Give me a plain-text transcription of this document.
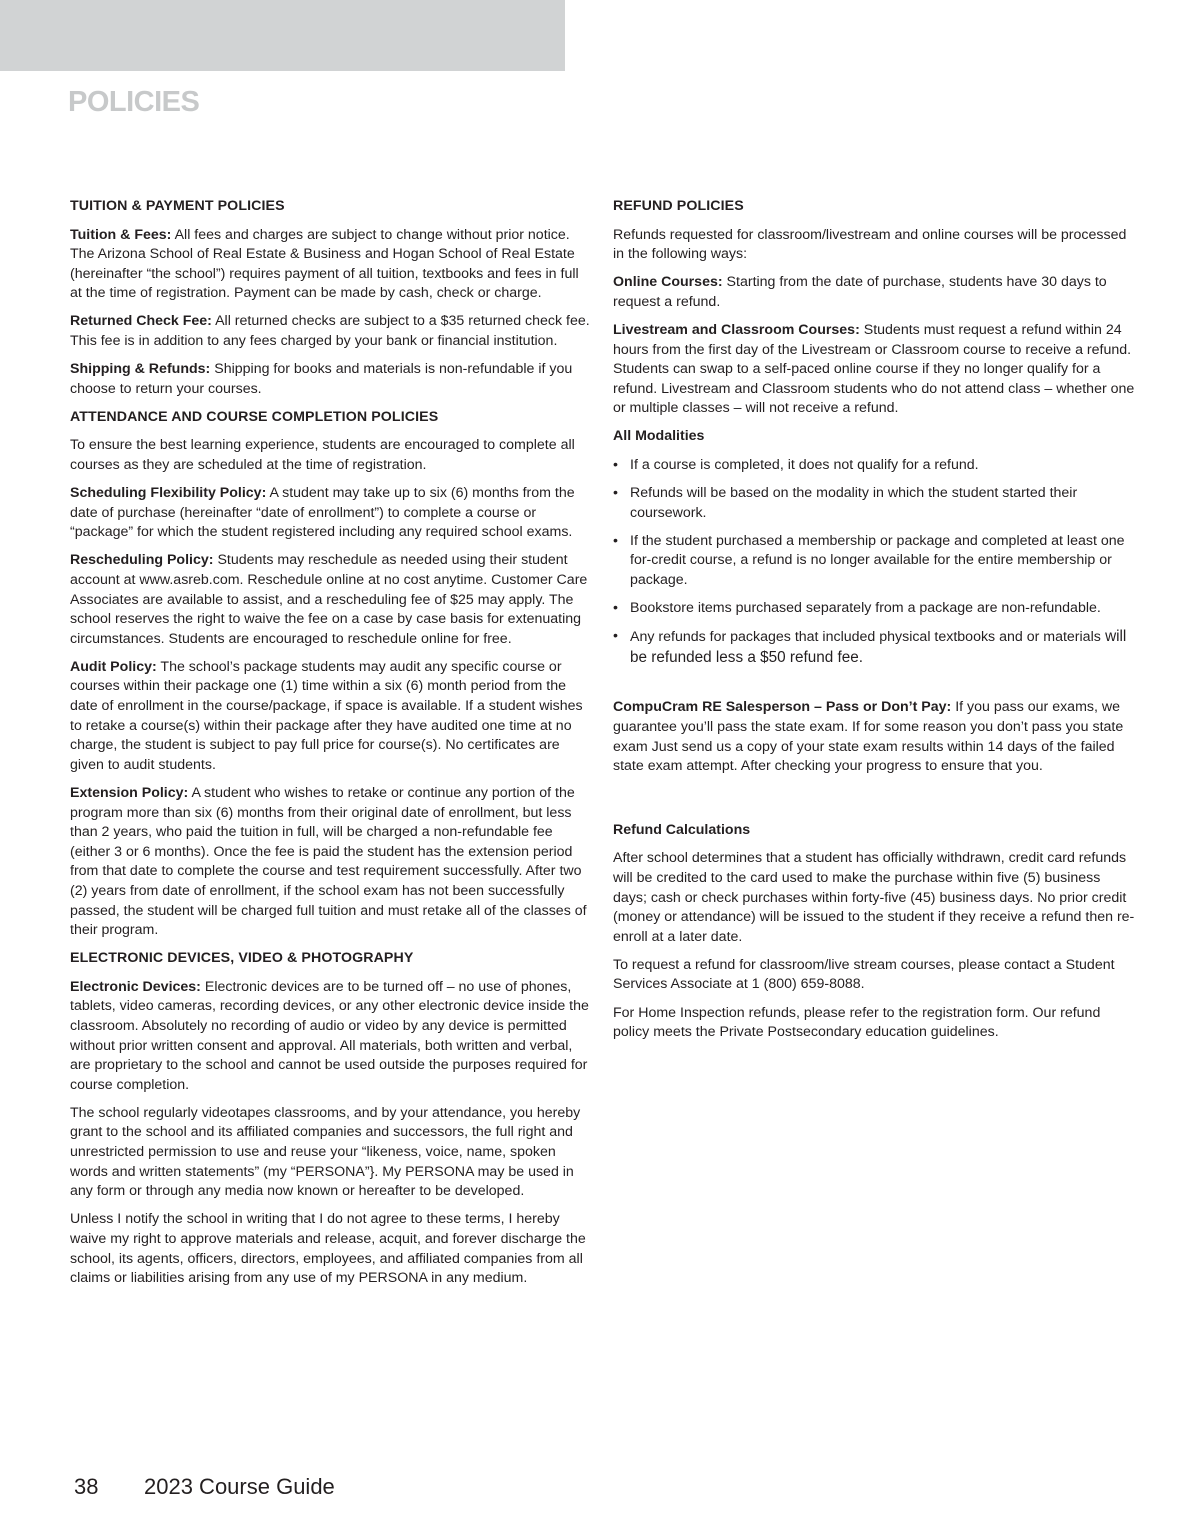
POLICIES
TUITION & PAYMENT POLICIES

Tuition & Fees: All fees and charges are subject to change without prior notice. The Arizona School of Real Estate & Business and Hogan School of Real Estate (hereinafter “the school”) requires payment of all tuition, textbooks and fees in full at the time of registration. Payment can be made by cash, check or charge.

Returned Check Fee: All returned checks are subject to a $35 returned check fee. This fee is in addition to any fees charged by your bank or financial institution.

Shipping & Refunds: Shipping for books and materials is non-refundable if you choose to return your courses.

ATTENDANCE AND COURSE COMPLETION POLICIES

To ensure the best learning experience, students are encouraged to complete all courses as they are scheduled at the time of registration.

Scheduling Flexibility Policy: A student may take up to six (6) months from the date of purchase (hereinafter “date of enrollment”) to complete a course or “package” for which the student registered including any required school exams.

Rescheduling Policy: Students may reschedule as needed using their student account at www.asreb.com. Reschedule online at no cost anytime. Customer Care Associates are available to assist, and a rescheduling fee of $25 may apply. The school reserves the right to waive the fee on a case by case basis for extenuating circumstances. Students are encouraged to reschedule online for free.

Audit Policy: The school’s package students may audit any specific course or courses within their package one (1) time within a six (6) month period from the date of enrollment in the course/package, if space is available. If a student wishes to retake a course(s) within their package after they have audited one time at no charge, the student is subject to pay full price for course(s). No certificates are given to audit students.

Extension Policy: A student who wishes to retake or continue any portion of the program more than six (6) months from their original date of enrollment, but less than 2 years, who paid the tuition in full, will be charged a non-refundable fee (either 3 or 6 months). Once the fee is paid the student has the extension period from that date to complete the course and test requirement successfully. After two (2) years from date of enrollment, if the school exam has not been successfully passed, the student will be charged full tuition and must retake all of the classes of their program.

ELECTRONIC DEVICES, VIDEO & PHOTOGRAPHY

Electronic Devices: Electronic devices are to be turned off – no use of phones, tablets, video cameras, recording devices, or any other electronic device inside the classroom. Absolutely no recording of audio or video by any device is permitted without prior written consent and approval. All materials, both written and verbal, are proprietary to the school and cannot be used outside the purposes required for course completion.

The school regularly videotapes classrooms, and by your attendance, you hereby grant to the school and its affiliated companies and successors, the full right and unrestricted permission to use and reuse your “likeness, voice, name, spoken words and written statements” (my “PERSONA”}. My PERSONA may be used in any form or through any media now known or hereafter to be developed.

Unless I notify the school in writing that I do not agree to these terms, I hereby waive my right to approve materials and release, acquit, and forever discharge the school, its agents, officers, directors, employees, and affiliated companies from all claims or liabilities arising from any use of my PERSONA in any medium.

REFUND POLICIES

Refunds requested for classroom/livestream and online courses will be processed in the following ways:

Online Courses: Starting from the date of purchase, students have 30 days to request a refund.

Livestream and Classroom Courses: Students must request a refund within 24 hours from the first day of the Livestream or Classroom course to receive a refund. Students can swap to a self-paced online course if they no longer qualify for a refund. Livestream and Classroom students who do not attend class – whether one or multiple classes – will not receive a refund.

All Modalities

• If a course is completed, it does not qualify for a refund.
• Refunds will be based on the modality in which the student started their coursework.
• If the student purchased a membership or package and completed at least one for-credit course, a refund is no longer available for the entire membership or package.
• Bookstore items purchased separately from a package are non-refundable.
• Any refunds for packages that included physical textbooks and or materials will be refunded less a $50 refund fee.

CompuCram RE Salesperson – Pass or Don’t Pay: If you pass our exams, we guarantee you’ll pass the state exam. If for some reason you don’t pass you state exam Just send us a copy of your state exam results within 14 days of the failed state exam attempt. After checking your progress to ensure that you.

Refund Calculations

After school determines that a student has officially withdrawn, credit card refunds will be credited to the card used to make the purchase within five (5) business days; cash or check purchases within forty-five (45) business days. No prior credit (money or attendance) will be issued to the student if they receive a refund then re-enroll at a later date.

To request a refund for classroom/live stream courses, please contact a Student Services Associate at 1 (800) 659-8088.

For Home Inspection refunds, please refer to the registration form. Our refund policy meets the Private Postsecondary education guidelines.

38 2023 Course Guide
